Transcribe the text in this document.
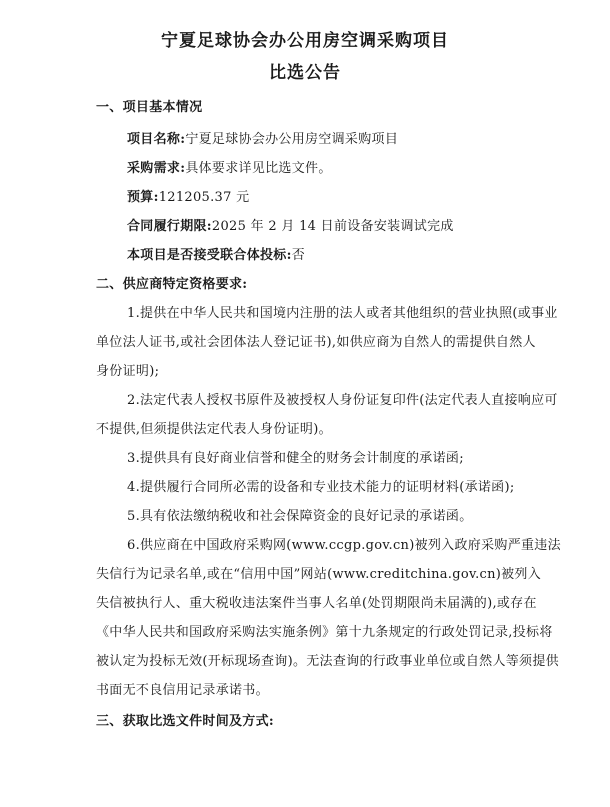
宁夏足球协会办公用房空调采购项目
比选公告
一、项目基本情况
项目名称:宁夏足球协会办公用房空调采购项目
采购需求:具体要求详见比选文件。
预算:121205.37 元
合同履行期限:2025 年 2 月 14 日前设备安装调试完成
本项目是否接受联合体投标:否
二、供应商特定资格要求:
1.提供在中华人民共和国境内注册的法人或者其他组织的营业执照(或事业
单位法人证书,或社会团体法人登记证书),如供应商为自然人的需提供自然人
身份证明);
2.法定代表人授权书原件及被授权人身份证复印件(法定代表人直接响应可
不提供,但须提供法定代表人身份证明)。
3.提供具有良好商业信誉和健全的财务会计制度的承诺函;
4.提供履行合同所必需的设备和专业技术能力的证明材料(承诺函);
5.具有依法缴纳税收和社会保障资金的良好记录的承诺函。
6.供应商在中国政府采购网(www.ccgp.gov.cn)被列入政府采购严重违法
失信行为记录名单,或在“信用中国”网站(www.creditchina.gov.cn)被列入
失信被执行人、重大税收违法案件当事人名单(处罚期限尚未届满的),或存在
《中华人民共和国政府采购法实施条例》第十九条规定的行政处罚记录,投标将
被认定为投标无效(开标现场查询)。无法查询的行政事业单位或自然人等须提供
书面无不良信用记录承诺书。
三、获取比选文件时间及方式:
